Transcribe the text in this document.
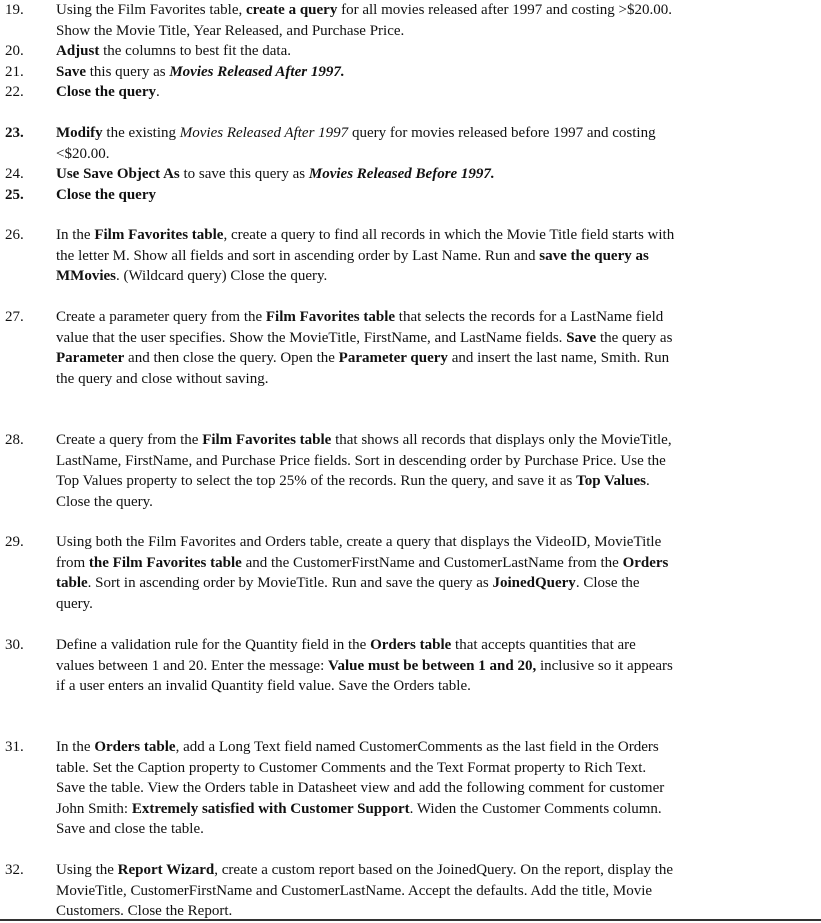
19.	Using the Film Favorites table, create a query for all movies released after 1997 and costing >$20.00. Show the Movie Title, Year Released, and Purchase Price.
20.	Adjust the columns to best fit the data.
21.	Save this query as Movies Released After 1997.
22.	Close the query.
23.	Modify the existing Movies Released After 1997 query for movies released before 1997 and costing <$20.00.
24.	Use Save Object As to save this query as Movies Released Before 1997.
25.	Close the query
26.	In the Film Favorites table, create a query to find all records in which the Movie Title field starts with the letter M. Show all fields and sort in ascending order by Last Name. Run and save the query as MMovies. (Wildcard query) Close the query.
27.	Create a parameter query from the Film Favorites table that selects the records for a LastName field value that the user specifies. Show the MovieTitle, FirstName, and LastName fields. Save the query as Parameter and then close the query. Open the Parameter query and insert the last name, Smith. Run the query and close without saving.
28.	Create a query from the Film Favorites table that shows all records that displays only the MovieTitle, LastName, FirstName, and Purchase Price fields. Sort in descending order by Purchase Price. Use the Top Values property to select the top 25% of the records. Run the query, and save it as Top Values. Close the query.
29.	Using both the Film Favorites and Orders table, create a query that displays the VideoID, MovieTitle from the Film Favorites table and the CustomerFirstName and CustomerLastName from the Orders table. Sort in ascending order by MovieTitle. Run and save the query as JoinedQuery. Close the query.
30.	Define a validation rule for the Quantity field in the Orders table that accepts quantities that are values between 1 and 20. Enter the message: Value must be between 1 and 20, inclusive so it appears if a user enters an invalid Quantity field value. Save the Orders table.
31.	In the Orders table, add a Long Text field named CustomerComments as the last field in the Orders table. Set the Caption property to Customer Comments and the Text Format property to Rich Text. Save the table. View the Orders table in Datasheet view and add the following comment for customer John Smith: Extremely satisfied with Customer Support. Widen the Customer Comments column. Save and close the table.
32.	Using the Report Wizard, create a custom report based on the JoinedQuery. On the report, display the MovieTitle, CustomerFirstName and CustomerLastName. Accept the defaults. Add the title, Movie Customers. Close the Report.
